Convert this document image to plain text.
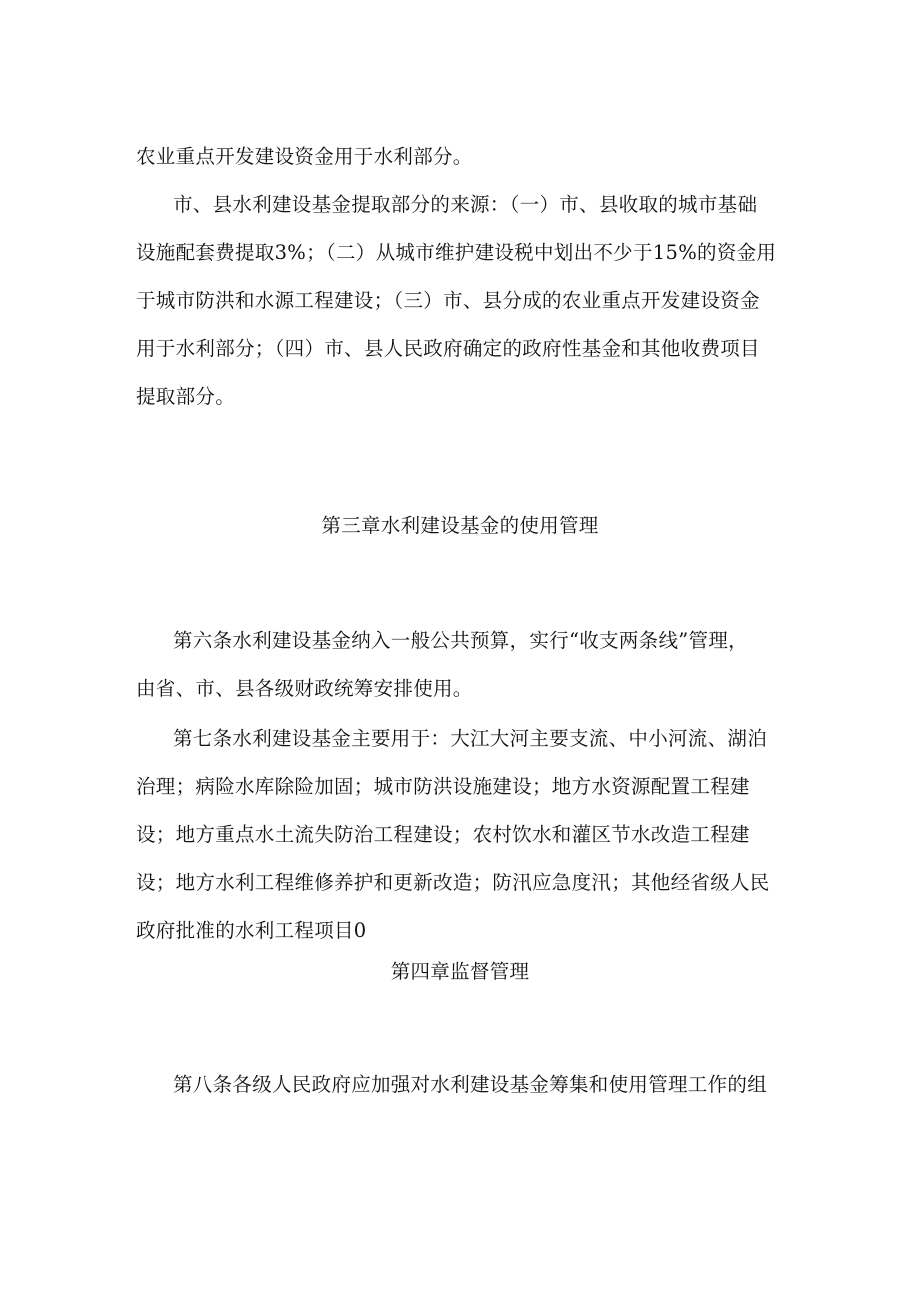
农业重点开发建设资金用于水利部分。
市、县水利建设基金提取部分的来源：（一）市、县收取的城市基础
设施配套费提取3%；（二）从城市维护建设税中划出不少于15%的资金用
于城市防洪和水源工程建设；（三）市、县分成的农业重点开发建设资金
用于水利部分；（四）市、县人民政府确定的政府性基金和其他收费项目
提取部分。
第三章水利建设基金的使用管理
第六条水利建设基金纳入一般公共预算，实行“收支两条线”管理，
由省、市、县各级财政统筹安排使用。
第七条水利建设基金主要用于：大江大河主要支流、中小河流、湖泊
治理；病险水库除险加固；城市防洪设施建设；地方水资源配置工程建
设；地方重点水土流失防治工程建设；农村饮水和灌区节水改造工程建
设；地方水利工程维修养护和更新改造；防汛应急度汛；其他经省级人民
政府批准的水利工程项目0
第四章监督管理
第八条各级人民政府应加强对水利建设基金筹集和使用管理工作的组
